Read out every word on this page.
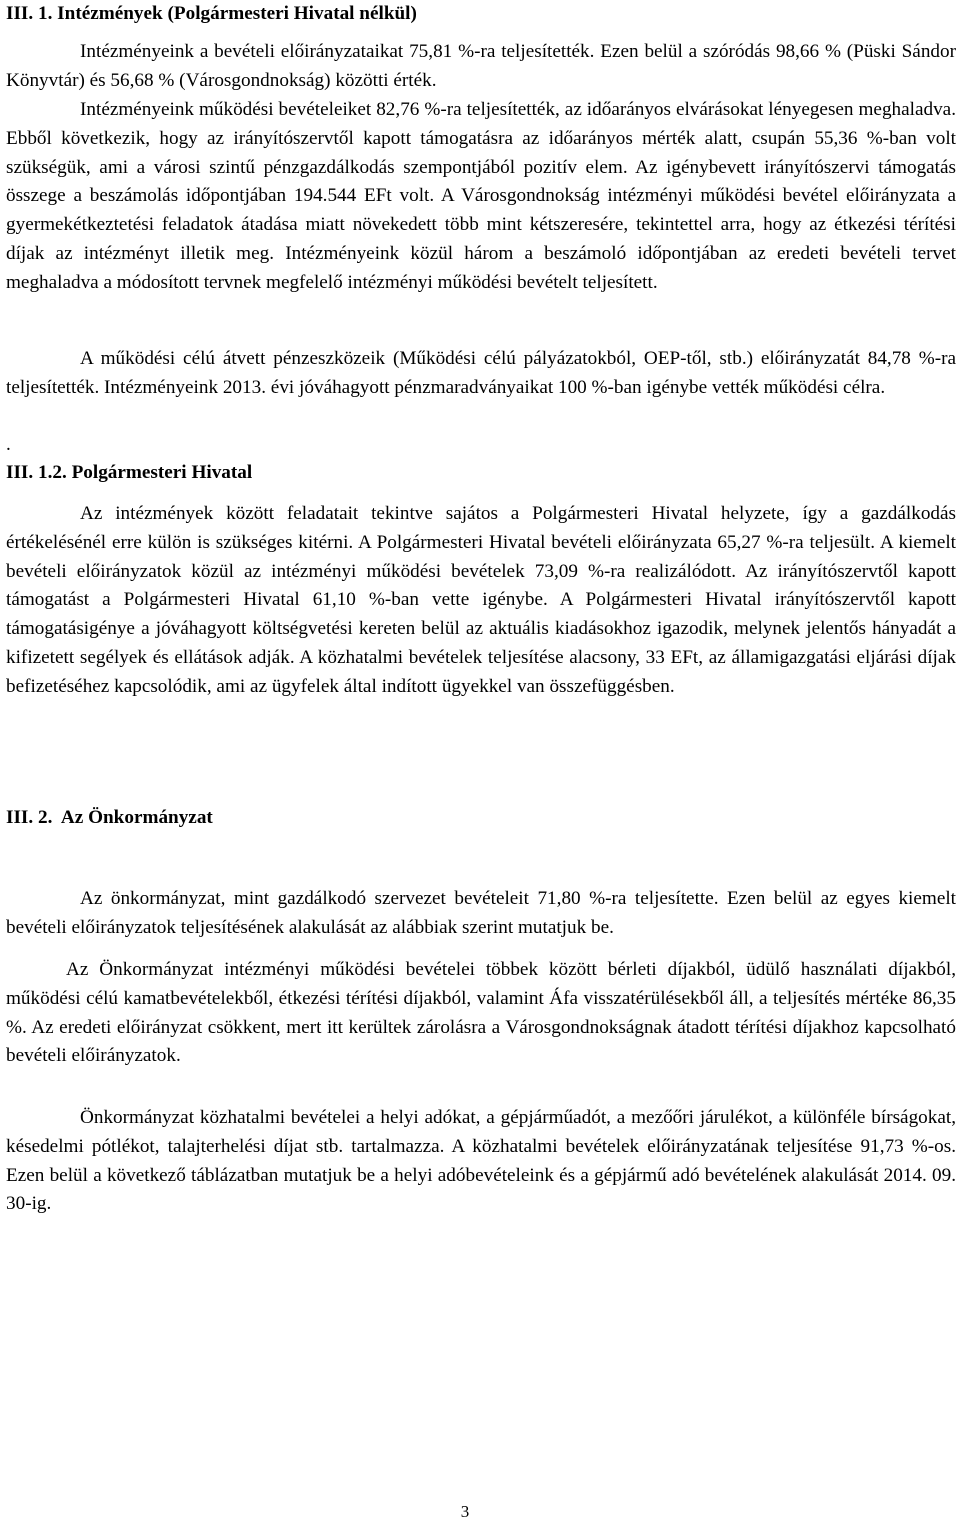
III. 1. Intézmények (Polgármesteri Hivatal nélkül)

Intézményeink a bevételi előirányzataikat 75,81 %-ra teljesítették. Ezen belül a szóródás 98,66 % (Püski Sándor Könyvtár) és 56,68 % (Városgondnokság) közötti érték.

Intézményeink működési bevételeiket 82,76 %-ra teljesítették, az időarányos elvárásokat lényegesen meghaladva. Ebből következik, hogy az irányítószervtől kapott támogatásra az időarányos mérték alatt, csupán 55,36 %-ban volt szükségük, ami a városi szintű pénzgazdálkodás szempontjából pozitív elem. Az igénybevett irányítószervi támogatás összege a beszámolás időpontjában 194.544 EFt volt. A Városgondnokság intézményi működési bevétel előirányzata a gyermekétkeztetési feladatok átadása miatt növekedett több mint kétszeresére, tekintettel arra, hogy az étkezési térítési díjak az intézményt illetik meg. Intézményeink közül három a beszámoló időpontjában az eredeti bevételi tervet meghaladva a módosított tervnek megfelelő intézményi működési bevételt teljesített.

A működési célú átvett pénzeszközeik (Működési célú pályázatokból, OEP-től, stb.) előirányzatát 84,78 %-ra teljesítették. Intézményeink 2013. évi jóváhagyott pénzmaradványaikat 100 %-ban igénybe vették működési célra.

.

III. 1.2. Polgármesteri Hivatal

Az intézmények között feladatait tekintve sajátos a Polgármesteri Hivatal helyzete, így a gazdálkodás értékelésénél erre külön is szükséges kitérni. A Polgármesteri Hivatal bevételi előirányzata 65,27 %-ra teljesült. A kiemelt bevételi előirányzatok közül az intézményi működési bevételek 73,09 %-ra realizálódott. Az irányítószervtől kapott támogatást a Polgármesteri Hivatal 61,10 %-ban vette igénybe. A Polgármesteri Hivatal irányítószervtől kapott támogatásigénye a jóváhagyott költségvetési kereten belül az aktuális kiadásokhoz igazodik, melynek jelentős hányadát a kifizetett segélyek és ellátások adják. A közhatalmi bevételek teljesítése alacsony, 33 EFt, az államigazgatási eljárási díjak befizetéséhez kapcsolódik, ami az ügyfelek által indított ügyekkel van összefüggésben.

III. 2.  Az Önkormányzat

Az önkormányzat, mint gazdálkodó szervezet bevételeit 71,80 %-ra teljesítette. Ezen belül az egyes kiemelt bevételi előirányzatok teljesítésének alakulását az alábbiak szerint mutatjuk be.

Az Önkormányzat intézményi működési bevételei többek között bérleti díjakból, üdülő használati díjakból, működési célú kamatbevételekből, étkezési térítési díjakból, valamint Áfa visszatérülésekből áll, a teljesítés mértéke 86,35 %. Az eredeti előirányzat csökkent, mert itt kerültek zárolásra a Városgondnokságnak átadott térítési díjakhoz kapcsolható bevételi előirányzatok.

Önkormányzat közhatalmi bevételei a helyi adókat, a gépjárműadót, a mezőőri járulékot, a különféle bírságokat, késedelmi pótlékot, talajterhelési díjat stb. tartalmazza. A közhatalmi bevételek előirányzatának teljesítése 91,73 %-os. Ezen belül a következő táblázatban mutatjuk be a helyi adóbevételeink és a gépjármű adó bevételének alakulását 2014. 09. 30-ig.

3
